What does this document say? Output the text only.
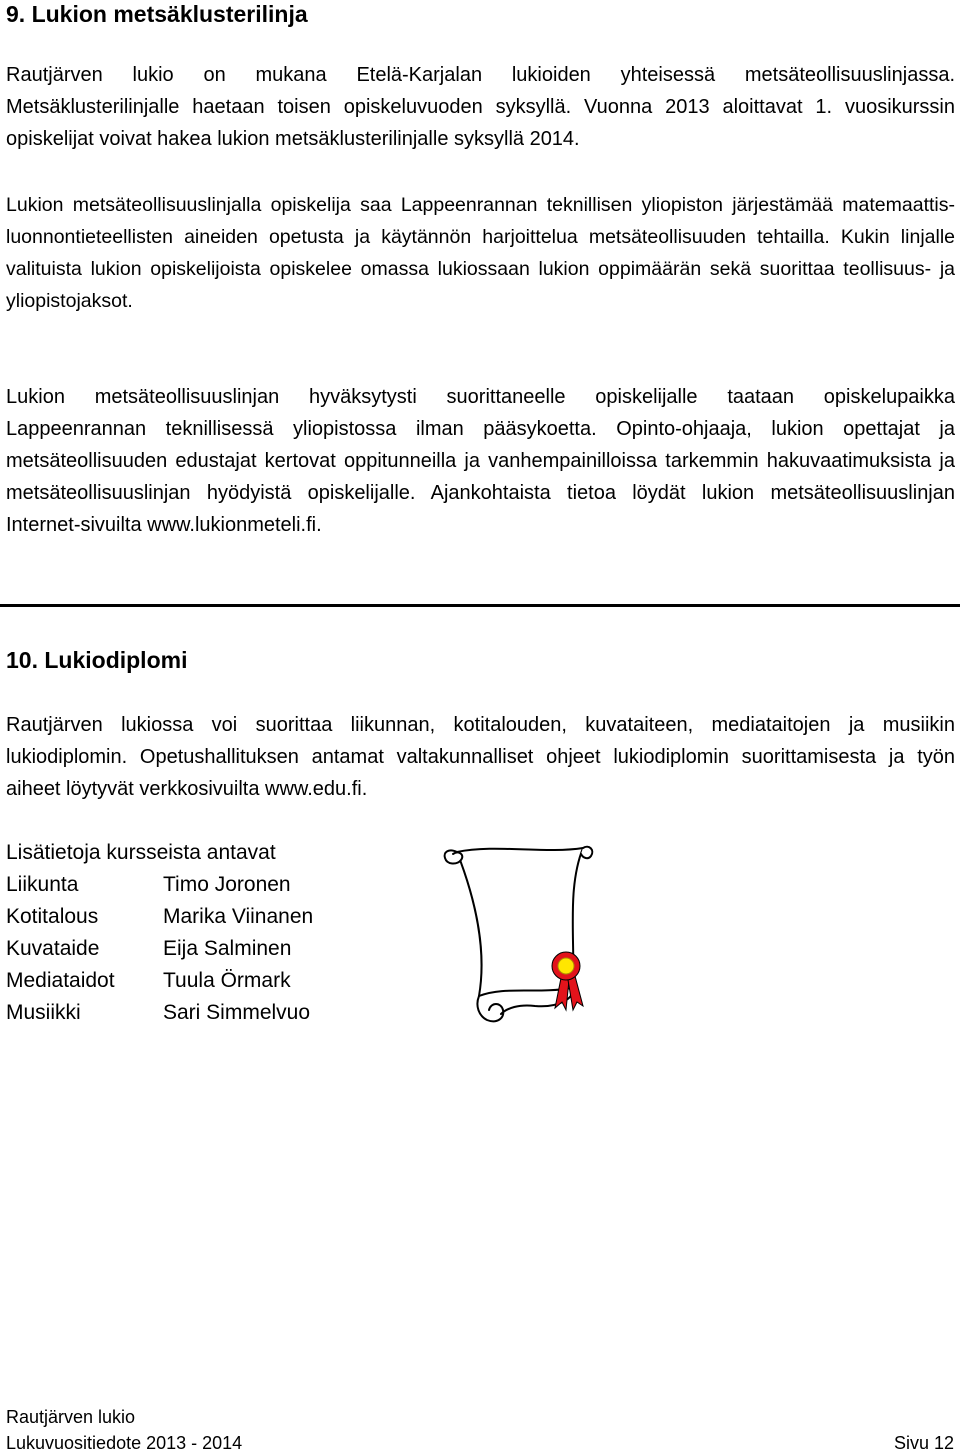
9. Lukion metsäklusterilinja

Rautjärven lukio on mukana Etelä-Karjalan lukioiden yhteisessä metsäteollisuuslinjassa. Metsäklusterilinjalle haetaan toisen opiskeluvuoden syksyllä. Vuonna 2013 aloittavat 1. vuosikurssin opiskelijat voivat hakea lukion metsäklusterilinjalle syksyllä 2014.

Lukion metsäteollisuuslinjalla opiskelija saa Lappeenrannan teknillisen yliopiston järjestämää matemaattis-luonnontieteellisten aineiden opetusta ja käytännön harjoittelua metsäteollisuuden tehtailla. Kukin linjalle valituista lukion opiskelijoista opiskelee omassa lukiossaan lukion oppimäärän sekä suorittaa teollisuus- ja yliopistojaksot.

Lukion metsäteollisuuslinjan hyväksytysti suorittaneelle opiskelijalle taataan opiskelupaikka Lappeenrannan teknillisessä yliopistossa ilman pääsykoetta. Opinto-ohjaaja, lukion opettajat ja metsäteollisuuden edustajat kertovat oppitunneilla ja vanhempainilloissa tarkemmin hakuvaatimuksista ja metsäteollisuuslinjan hyödyistä opiskelijalle. Ajankohtaista tietoa löydät lukion metsäteollisuuslinjan Internet-sivuilta www.lukionmeteli.fi.

10. Lukiodiplomi

Rautjärven lukiossa voi suorittaa liikunnan, kotitalouden, kuvataiteen, mediataitojen ja musiikin lukiodiplomin. Opetushallituksen antamat valtakunnalliset ohjeet lukiodiplomin suorittamisesta ja työn aiheet löytyvät verkkosivuilta www.edu.fi.

Lisätietoja kursseista antavat
Liikunta	Timo Joronen
Kotitalous	Marika Viinanen
Kuvataide	Eija Salminen
Mediataidot	Tuula Örmark
Musiikki	Sari Simmelvuo
Rautjärven lukio
Lukuvuositiedote 2013 - 2014	Sivu 12
